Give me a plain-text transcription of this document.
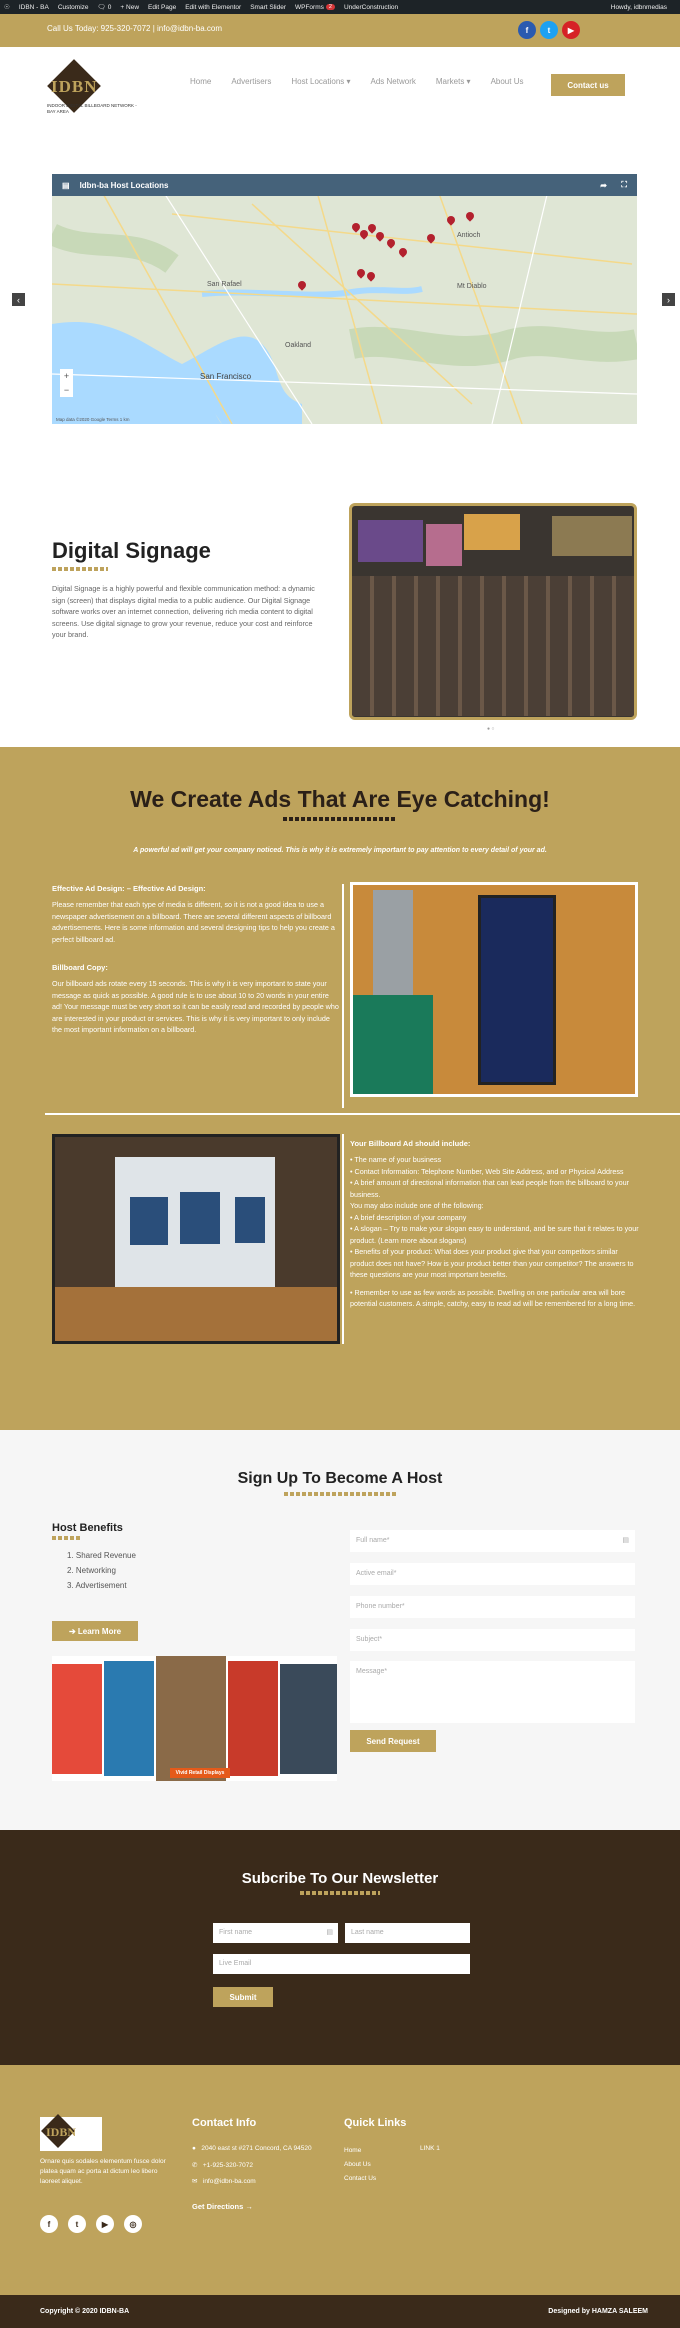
☉ IDBN - BA Customize 🗨 0 + New Edit Page Edit with Elementor Smart Slider WPForms 2	UnderConstruction	Howdy, idbnmedias
Call Us Today: 925-320-7072 | info@idbn-ba.com	f	t	▶
IDBN
INDOOR DIGITAL BILLBOARD NETWORK - BAY AREA
Home	Advertisers	Host Locations ▾	Ads Network	Markets ▾	About Us	Contact us
‹	›
▤ Idbn-ba Host Locations	➦ ⛶
San Rafael
San Francisco
Oakland
Antioch
Mt Diablo
+
−
Map data ©2020 Google Terms 1 km
Digital Signage

Digital Signage is a highly powerful and flexible communication method: a dynamic sign (screen) that displays digital media to a public audience. Our Digital Signage software works over an internet connection, delivering rich media content to digital screens. Use digital signage to grow your revenue, reduce your cost and reinforce your brand.

● ○
We Create Ads That Are Eye Catching!
A powerful ad will get your company noticed. This is why it is extremely important to pay attention to every detail of your ad.
Effective Ad Design: – Effective Ad Design:

Please remember that each type of media is different, so it is not a good idea to use a newspaper advertisement on a billboard. There are several different aspects of billboard advertisements. Here is some information and several designing tips to help you create a perfect billboard ad.

Billboard Copy:

Our billboard ads rotate every 15 seconds. This is why it is very important to state your message as quick as possible. A good rule is to use about 10 to 20 words in your entire ad! Your message must be very short so it can be easily read and recorded by people who are interested in your product or services. This is why it is very important to only include the most important information on a billboard.

Your Billboard Ad should include:

• The name of your business

• Contact Information: Telephone Number, Web Site Address, and or Physical Address

• A brief amount of directional information that can lead people from the billboard to your business.

You may also include one of the following:

• A brief description of your company

• A slogan – Try to make your slogan easy to understand, and be sure that it relates to your product. (Learn more about slogans)

• Benefits of your product: What does your product give that your competitors similar product does not have? How is your product better than your competitor? The answers to these questions are your most important benefits.

• Remember to use as few words as possible. Dwelling on one particular area will bore potential customers. A simple, catchy, easy to read ad will be remembered for a long time.

Sign Up To Become A Host
Host Benefits
1. Shared Revenue
2. Networking
3. Advertisement
➔ Learn More
Vivid Retail Displays
Full name*	▤
Active email*
Phone number*
Subject*
Message*
Send Request
Subcribe To Our Newsletter
First name	▤	Last name
Live Email
Submit
IDBN
Ornare quis sodales elementum fusce dolor platea quam ac porta at dictum leo libero laoreet aliquet.
f	t	▶	◎
Contact Info
● 2040 east st #271 Concord, CA 94520
✆ +1-925-320-7072
✉ info@idbn-ba.com
Get Directions →
Quick Links
Home
About Us
Contact Us
LINK 1
Copyright © 2020 IDBN-BA	Designed by HAMZA SALEEM
